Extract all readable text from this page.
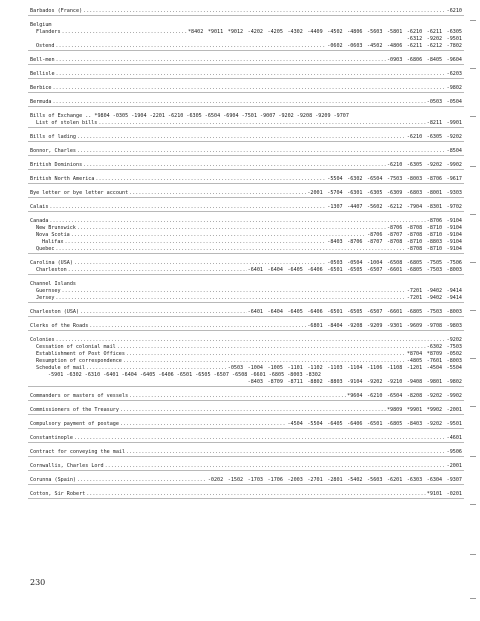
Barbados (France) .....	-6210
Belgium
Flanders .....	*8402 *9011 *9012 -4202 -4205 -4302 -4409 -4502 -4806 -5603 -5801 -6210 -6211 -6305
-6312 -9202 -9501
Ostend .....	-0602 -0603 -4502 -4806 -6211 -6212 -7802
Bell-men .....	-0903 -6806 -8405 -9604
Bellisle .....	-6203
Berbice .....	-9802
Bermuda .....	-0503 -0504
Bills of Exchange .. *9804 -0305 -1904 -2201 -6210 -6305 -6504 -6904 -7501 -9007 -9202 -9208 -9209 -9707
List of stolen bills .....	-8211 -9901
Bills of lading .....	-6210 -6305 -9202
Bonnor, Charles .....	-8504
British Dominions .....	-6210 -6305 -9202 -9902
British North America .....	-5504 -6302 -6504 -7503 -8003 -8706 -9617
Bye letter or bye letter account .....	-2001 -5704 -6301 -6305 -6309 -6803 -8001 -9303
Calais .....	-1307 -4407 -5602 -6212 -7904 -8301 -9702
Canada .....	-8706 -9104
New Brunswick .....	-8706 -8708 -8710 -9104
Nova Scotia .....	-8706 -8707 -8708 -8710 -9104
Halifax .....	-8403 -8706 -8707 -8708 -8710 -8803 -9104
Quebec .....	-8708 -8710 -9104
Carolina (USA) .....	-0503 -0504 -1004 -6508 -6805 -7505 -7506
Charleston .....	-6401 -6404 -6405 -6406 -6501 -6505 -6507 -6601 -6805 -7503 -8003
Channel Islands
Guernsey .....	-7201 -9402 -9414
Jersey .....	-7201 -9402 -9414
Charleston (USA) .....	-6401 -6404 -6405 -6406 -6501 -6505 -6507 -6601 -6805 -7503 -8003
Clerks of the Roads .....	-6801 -8404 -9208 -9209 -9301 -9609 -9708 -9803
Colonies .....	-9202
Cessation of colonial mail .....	-6302 -7503
Establishment of Post Offices .....	*8704 *8709 -0502
Resumption of correspondence .....	-4805 -7601 -8003
Schedule of mail .....	-0503 -1004 -1005 -1101 -1102 -1103 -1104 -1106 -1108 -1201 -4504 -5504
-5901 -6302 -6310 -6401 -6404 -6405 -6406 -6501 -6505 -6507 -6508 -6601 -6805 -8003 -8302
-8403 -8709 -8711 -8802 -8803 -9104 -9202 -9210 -9408 -9801 -9802
Commanders or masters of vessels .....	*9604 -6210 -6504 -8208 -9202 -9902
Commissioners of the Treasury .....	*9809 *9901 *9902 -2001
Compulsory payment of postage .....	-4504 -5504 -6405 -6406 -6501 -6805 -8403 -9202 -9501
Constantinople .....	-4601
Contract for conveying the mail .....	-9506
Cornwallis, Charles Lord .....	-2001
Corunna (Spain) .....	-0202 -1502 -1703 -1706 -2003 -2701 -2801 -5402 -5603 -6201 -6303 -6304 -9307
Cotton, Sir Robert .....	*9101 -0201
230
